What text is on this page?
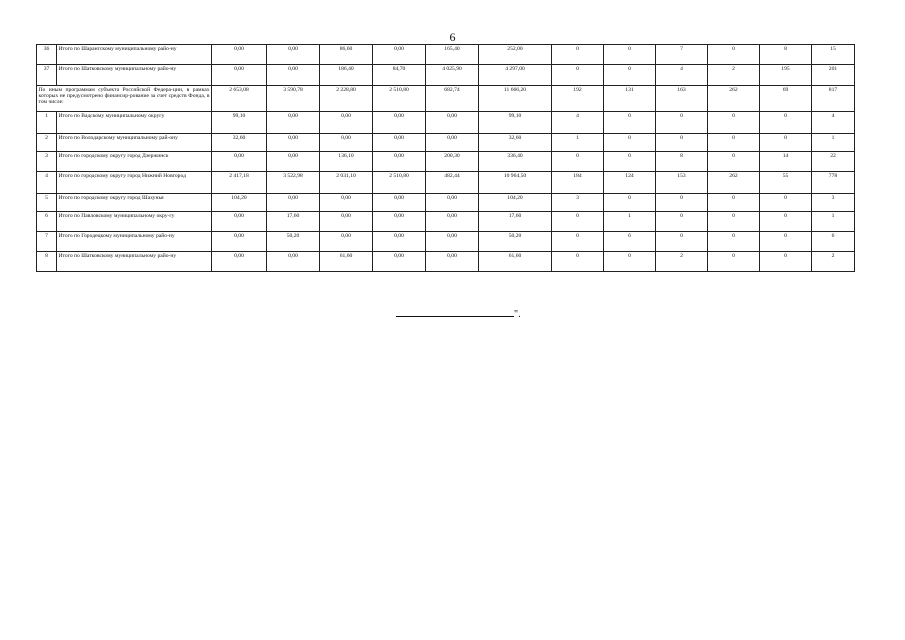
6
36	Итого по Шарангскому муниципальному райо-ну	0,00	0,00	86,60	0,00	165,40	252,00	0	0	7	0	8	15
37	Итого по Шатковскому муниципальному райо-ну	0,00	0,00	186,40	84,70	4 025,90	4 297,00	0	0	4	2	195	201
По иным программам субъекта Российской Федера-ции, в рамках которых не предусмотрено финансир-рование за счет средств Фонда, в том числе:		2 653,08	3 590,78	2 228,80	2 510,80	682,74	11 666,20	192	131	163	262	69	817
1	Итого по Вадскому муниципальному округу	99,10	0,00	0,00	0,00	0,00	99,10	4	0	0	0	0	4
2	Итого по Володарскому муниципальному рай-ону	32,60	0,00	0,00	0,00	0,00	32,60	1	0	0	0	0	1
3	Итого по городскому округу город Дзержинск	0,00	0,00	136,10	0,00	200,30	336,40	0	0	8	0	14	22
4	Итого по городскому округу город Нижний Новгород	2 417,18	3 522,98	2 031,10	2 510,80	482,44	10 964,50	184	124	153	262	55	778
5	Итого по городскому округу город Шахунья	104,20	0,00	0,00	0,00	0,00	104,20	3	0	0	0	0	3
6	Итого по Павловскому муниципальному окру-гу	0,00	17,60	0,00	0,00	0,00	17,60	0	1	0	0	0	1
7	Итого по Городецкому муниципальному райо-ну	0,00	50,20	0,00	0,00	0,00	50,20	0	6	0	0	0	6
8	Итого по Шатковскому муниципальному райо-ну	0,00	0,00	61,60	0,00	0,00	61,60	0	0	2	0	0	2
".
